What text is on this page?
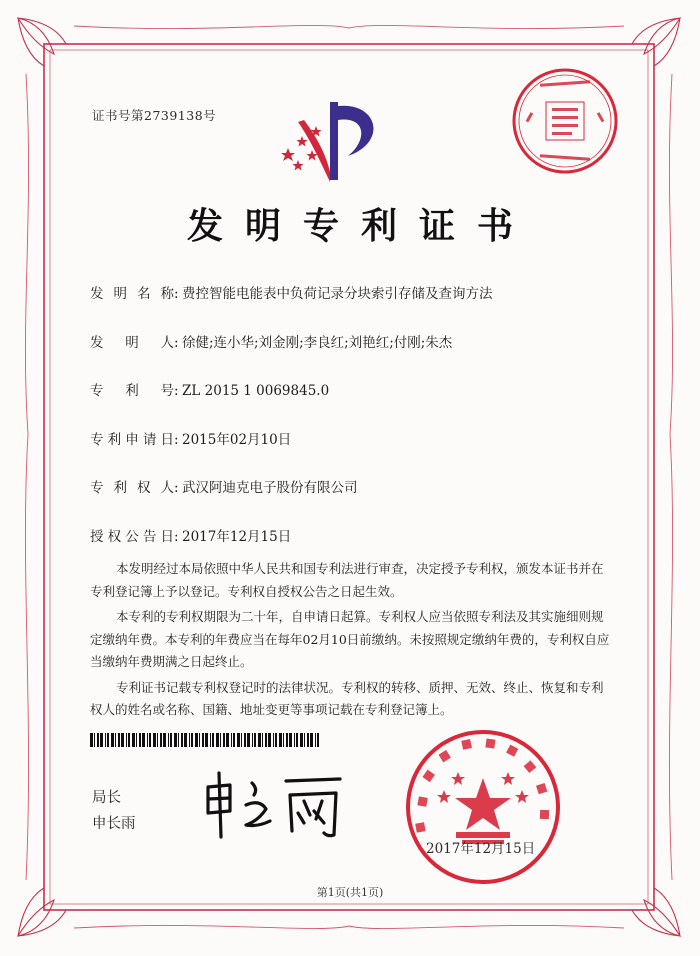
证书号第2739138号
发明专利证书
发 明 名 称 : 费控智能电能表中负荷记录分块索引存储及查询方法
发 明 人 : 徐健;连小华;刘金刚;李良红;刘艳红;付刚;朱杰
专 利 号 : ZL 2015 1 0069845.0
专 利 申 请 日 : 2015年02月10日
专 利 权 人 : 武汉阿迪克电子股份有限公司
授 权 公 告 日 : 2017年12月15日

本发明经过本局依照中华人民共和国专利法进行审查，决定授予专利权，颁发本证书并在专利登记簿上予以登记。专利权自授权公告之日起生效。

本专利的专利权期限为二十年，自申请日起算。专利权人应当依照专利法及其实施细则规定缴纳年费。本专利的年费应当在每年02月10日前缴纳。未按照规定缴纳年费的，专利权自应当缴纳年费期满之日起终止。

专利证书记载专利权登记时的法律状况。专利权的转移、质押、无效、终止、恢复和专利权人的姓名或名称、国籍、地址变更等事项记载在专利登记簿上。

局长
申长雨
2017年12月15日
第1页(共1页)
